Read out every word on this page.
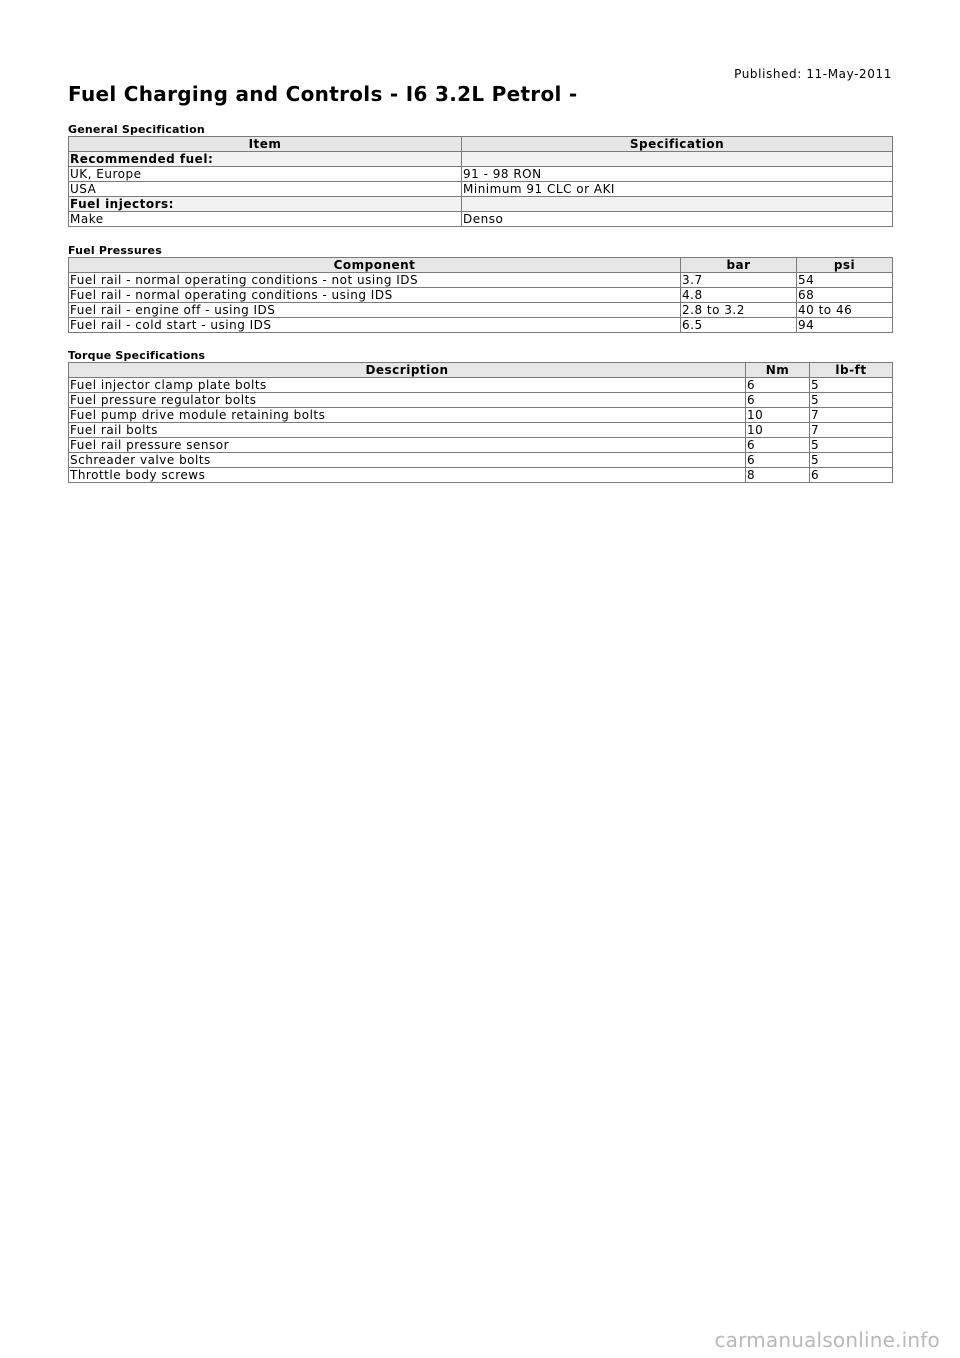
Published: 11-May-2011
Fuel Charging and Controls - I6 3.2L Petrol -
General Specification
Item	Specification
Recommended fuel:	
UK, Europe	91 - 98 RON
USA	Minimum 91 CLC or AKI
Fuel injectors:	
Make	Denso
Fuel Pressures
Component	bar	psi
Fuel rail - normal operating conditions - not using IDS	3.7	54
Fuel rail - normal operating conditions - using IDS	4.8	68
Fuel rail - engine off - using IDS	2.8 to 3.2	40 to 46
Fuel rail - cold start - using IDS	6.5	94
Torque Specifications
Description	Nm	lb-ft
Fuel injector clamp plate bolts	6	5
Fuel pressure regulator bolts	6	5
Fuel pump drive module retaining bolts	10	7
Fuel rail bolts	10	7
Fuel rail pressure sensor	6	5
Schreader valve bolts	6	5
Throttle body screws	8	6
carmanualsonline.info
